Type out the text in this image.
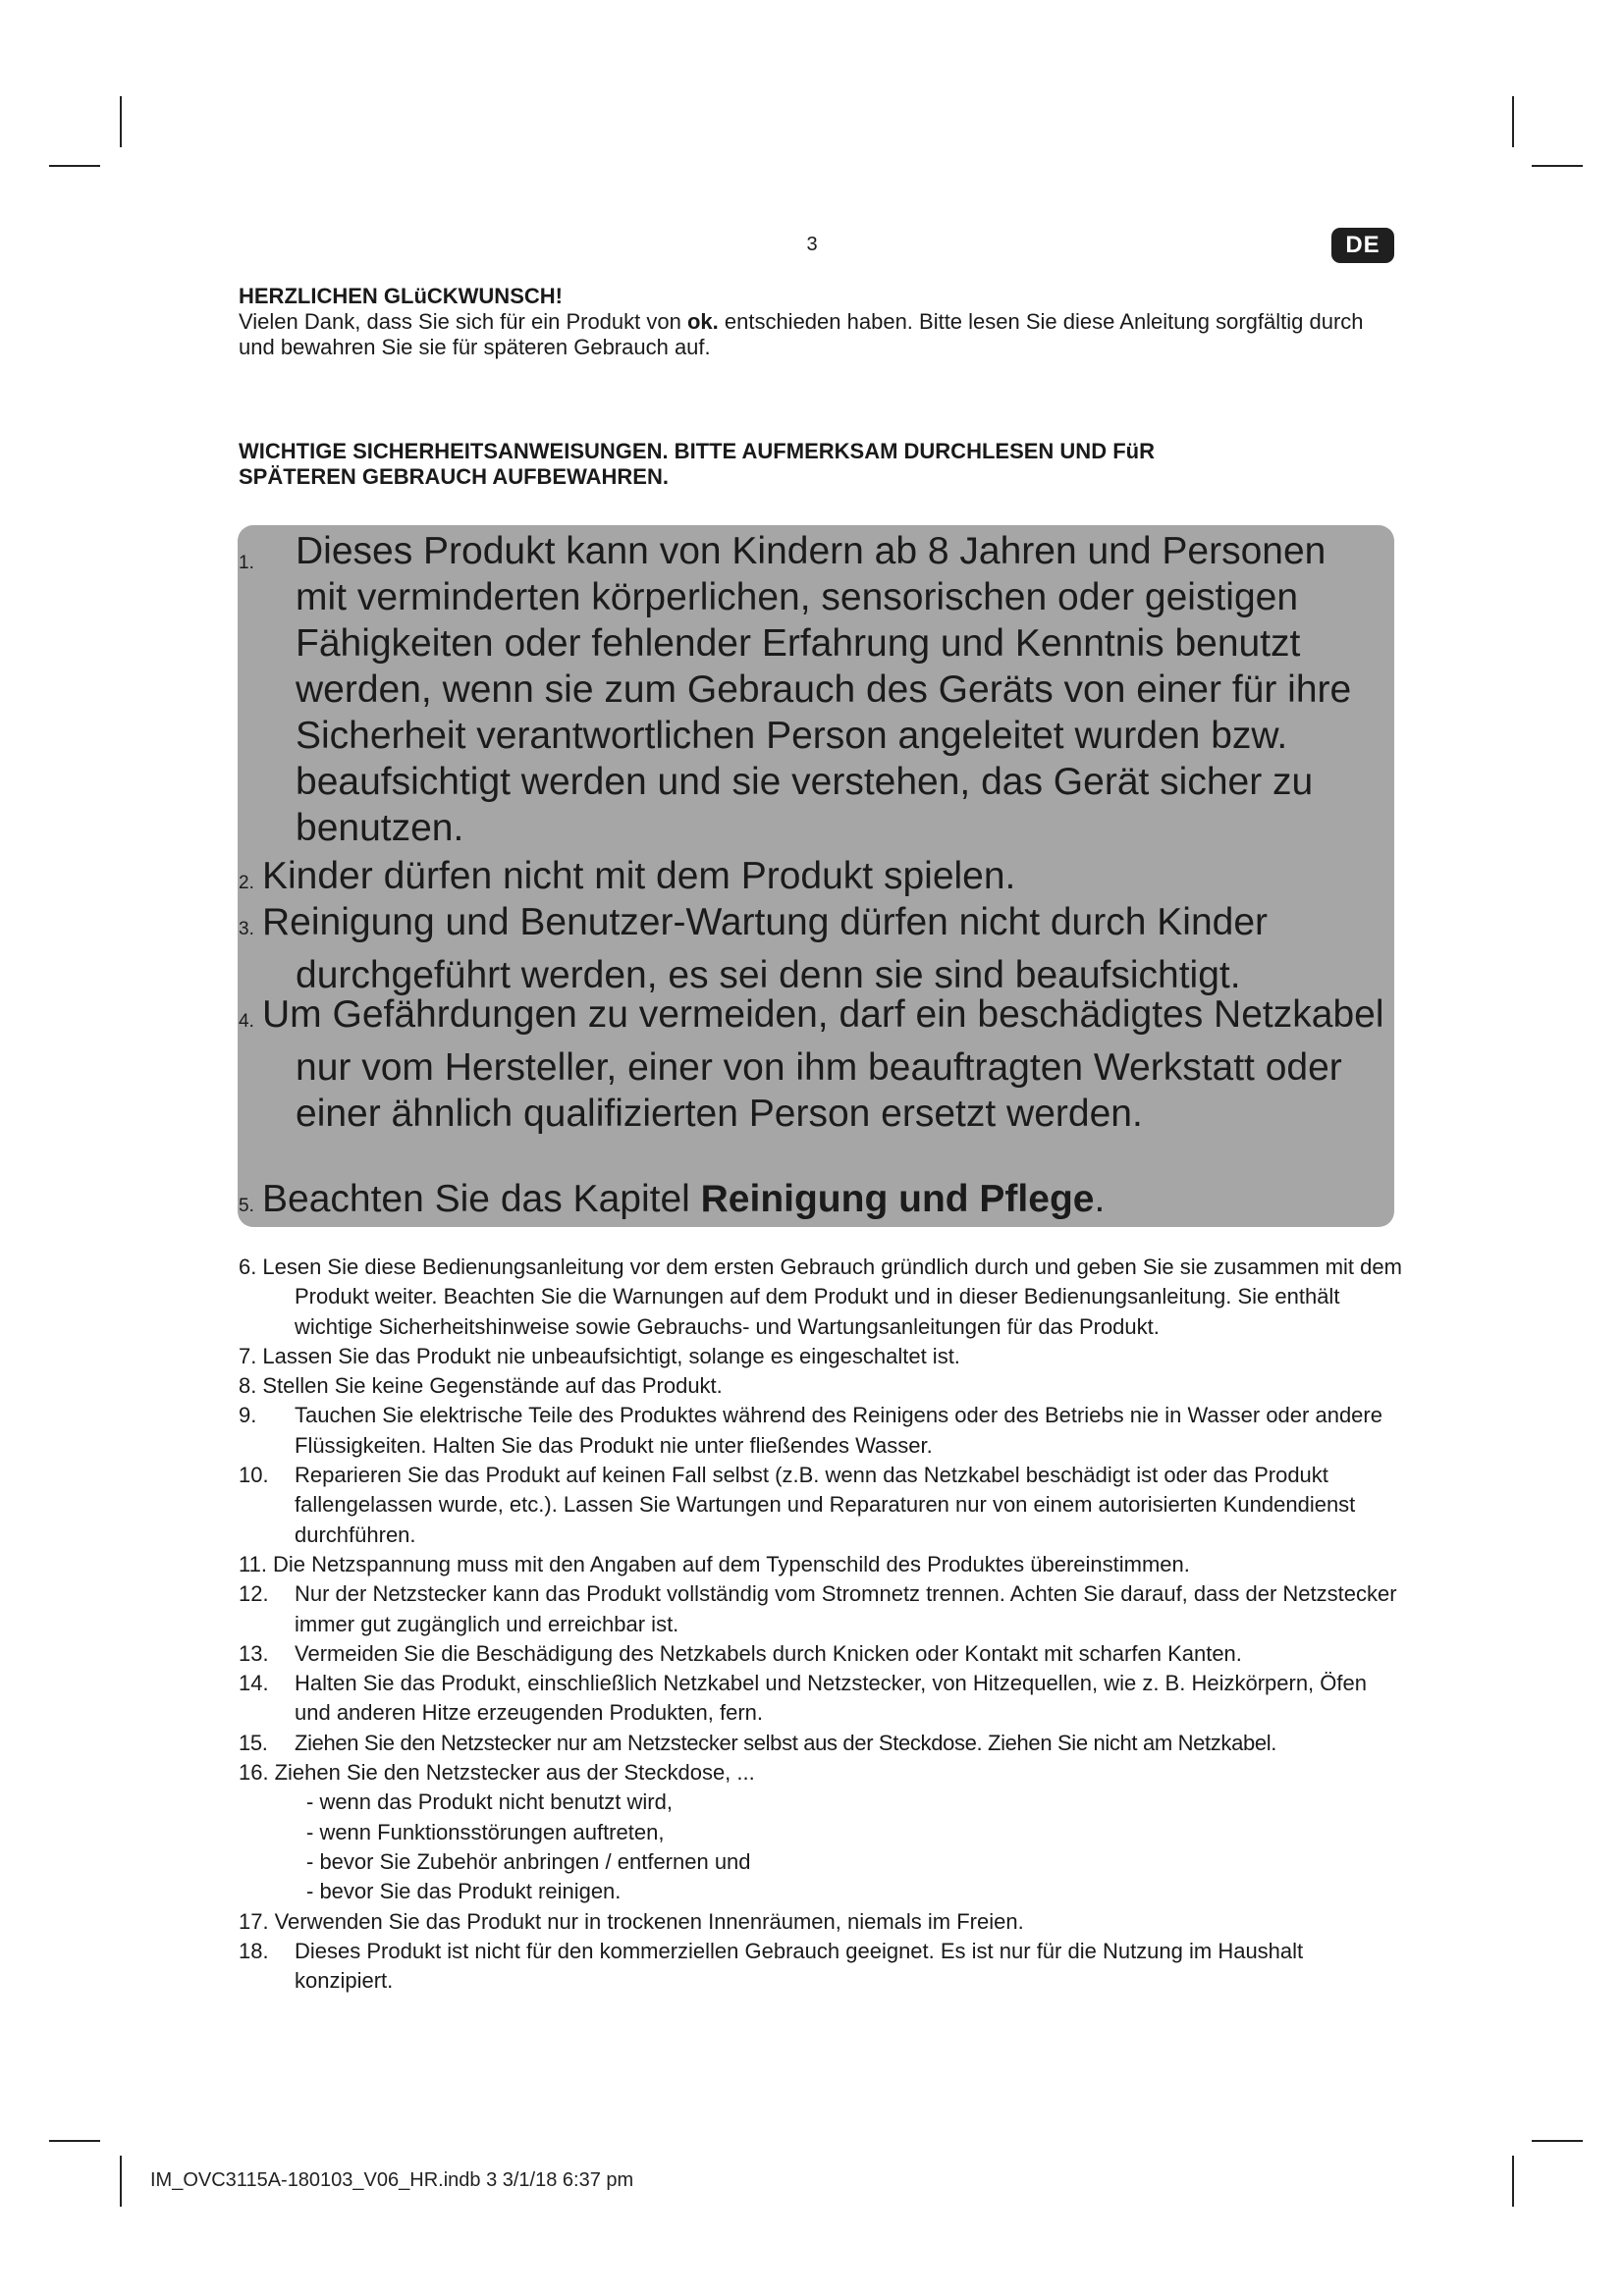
3	DE

HERZLICHEN GLüCKWUNSCH!

Vielen Dank, dass Sie sich für ein Produkt von ok. entschieden haben. Bitte lesen Sie diese Anleitung sorgfältig durch und bewahren Sie sie für späteren Gebrauch auf.

WICHTIGE SICHERHEITSANWEISUNGEN. BITTE AUFMERKSAM DURCHLESEN UND FüR

SPÄTEREN GEBRAUCH AUFBEWAHREN.

1. Dieses Produkt kann von Kindern ab 8 Jahren und Personen mit verminderten körperlichen, sensorischen oder geistigen Fähigkeiten oder fehlender Erfahrung und Kenntnis benutzt werden, wenn sie zum Gebrauch des Geräts von einer für ihre Sicherheit verantwortlichen Person angeleitet wurden bzw. beaufsichtigt werden und sie verstehen, das Gerät sicher zu benutzen.
2. Kinder dürfen nicht mit dem Produkt spielen.
3. Reinigung und Benutzer-Wartung dürfen nicht durch Kinder durchgeführt werden, es sei denn sie sind beaufsichtigt.
4. Um Gefährdungen zu vermeiden, darf ein beschädigtes Netzkabel nur vom Hersteller, einer von ihm beauftragten Werkstatt oder einer ähnlich qualifizierten Person ersetzt werden.
5. Beachten Sie das Kapitel Reinigung und Pflege.
6. Lesen Sie diese Bedienungsanleitung vor dem ersten Gebrauch gründlich durch und geben Sie sie zusammen mit dem Produkt weiter. Beachten Sie die Warnungen auf dem Produkt und in dieser Bedienungsanleitung. Sie enthält wichtige Sicherheitshinweise sowie Gebrauchs- und Wartungsanleitungen für das Produkt.
7. Lassen Sie das Produkt nie unbeaufsichtigt, solange es eingeschaltet ist.
8. Stellen Sie keine Gegenstände auf das Produkt.
9. Tauchen Sie elektrische Teile des Produktes während des Reinigens oder des Betriebs nie in Wasser oder andere Flüssigkeiten. Halten Sie das Produkt nie unter fließendes Wasser.
10. Reparieren Sie das Produkt auf keinen Fall selbst (z.B. wenn das Netzkabel beschädigt ist oder das Produkt fallengelassen wurde, etc.). Lassen Sie Wartungen und Reparaturen nur von einem autorisierten Kundendienst durchführen.
11. Die Netzspannung muss mit den Angaben auf dem Typenschild des Produktes übereinstimmen.
12. Nur der Netzstecker kann das Produkt vollständig vom Stromnetz trennen. Achten Sie darauf, dass der Netzstecker immer gut zugänglich und erreichbar ist.
13. Vermeiden Sie die Beschädigung des Netzkabels durch Knicken oder Kontakt mit scharfen Kanten.
14. Halten Sie das Produkt, einschließlich Netzkabel und Netzstecker, von Hitzequellen, wie z. B. Heizkörpern, Öfen und anderen Hitze erzeugenden Produkten, fern.
15. Ziehen Sie den Netzstecker nur am Netzstecker selbst aus der Steckdose. Ziehen Sie nicht am Netzkabel.
16. Ziehen Sie den Netzstecker aus der Steckdose, ...
- wenn das Produkt nicht benutzt wird,
- wenn Funktionsstörungen auftreten,
- bevor Sie Zubehör anbringen / entfernen und
- bevor Sie das Produkt reinigen.
17. Verwenden Sie das Produkt nur in trockenen Innenräumen, niemals im Freien.
18. Dieses Produkt ist nicht für den kommerziellen Gebrauch geeignet. Es ist nur für die Nutzung im Haushalt konzipiert.
IM_OVC3115A-180103_V06_HR.indb 3 3/1/18 6:37 pm
